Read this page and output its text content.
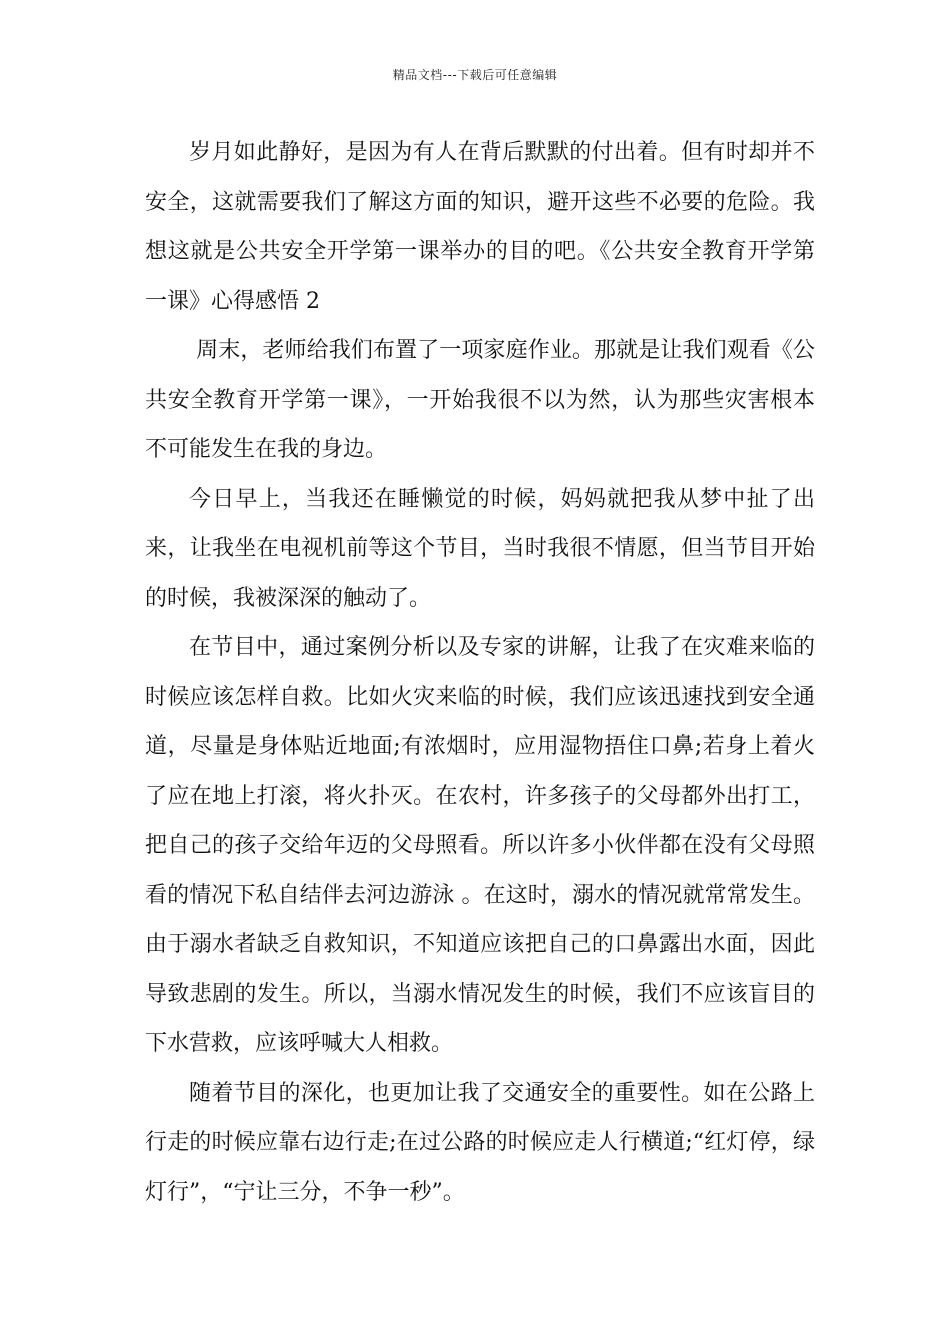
精品文档---下载后可任意编辑

岁月如此静好，是因为有人在背后默默的付出着。但有时却并不安全，这就需要我们了解这方面的知识，避开这些不必要的危险。我想这就是公共安全开学第一课举办的目的吧。《公共安全教育开学第一课》心得感悟 2

周末，老师给我们布置了一项家庭作业。那就是让我们观看《公共安全教育开学第一课》，一开始我很不以为然，认为那些灾害根本不可能发生在我的身边。

今日早上，当我还在睡懒觉的时候，妈妈就把我从梦中扯了出来，让我坐在电视机前等这个节目，当时我很不情愿，但当节目开始的时候，我被深深的触动了。

在节目中，通过案例分析以及专家的讲解，让我了在灾难来临的时候应该怎样自救。比如火灾来临的时候，我们应该迅速找到安全通道，尽量是身体贴近地面;有浓烟时，应用湿物捂住口鼻;若身上着火了应在地上打滚，将火扑灭。在农村，许多孩子的父母都外出打工，把自己的孩子交给年迈的父母照看。所以许多小伙伴都在没有父母照看的情况下私自结伴去河边游泳 。在这时，溺水的情况就常常发生。由于溺水者缺乏自救知识，不知道应该把自己的口鼻露出水面，因此导致悲剧的发生。所以，当溺水情况发生的时候，我们不应该盲目的下水营救，应该呼喊大人相救。

随着节目的深化，也更加让我了交通安全的重要性。如在公路上行走的时候应靠右边行走;在过公路的时候应走人行横道;“红灯停，绿灯行”，“宁让三分，不争一秒”。
